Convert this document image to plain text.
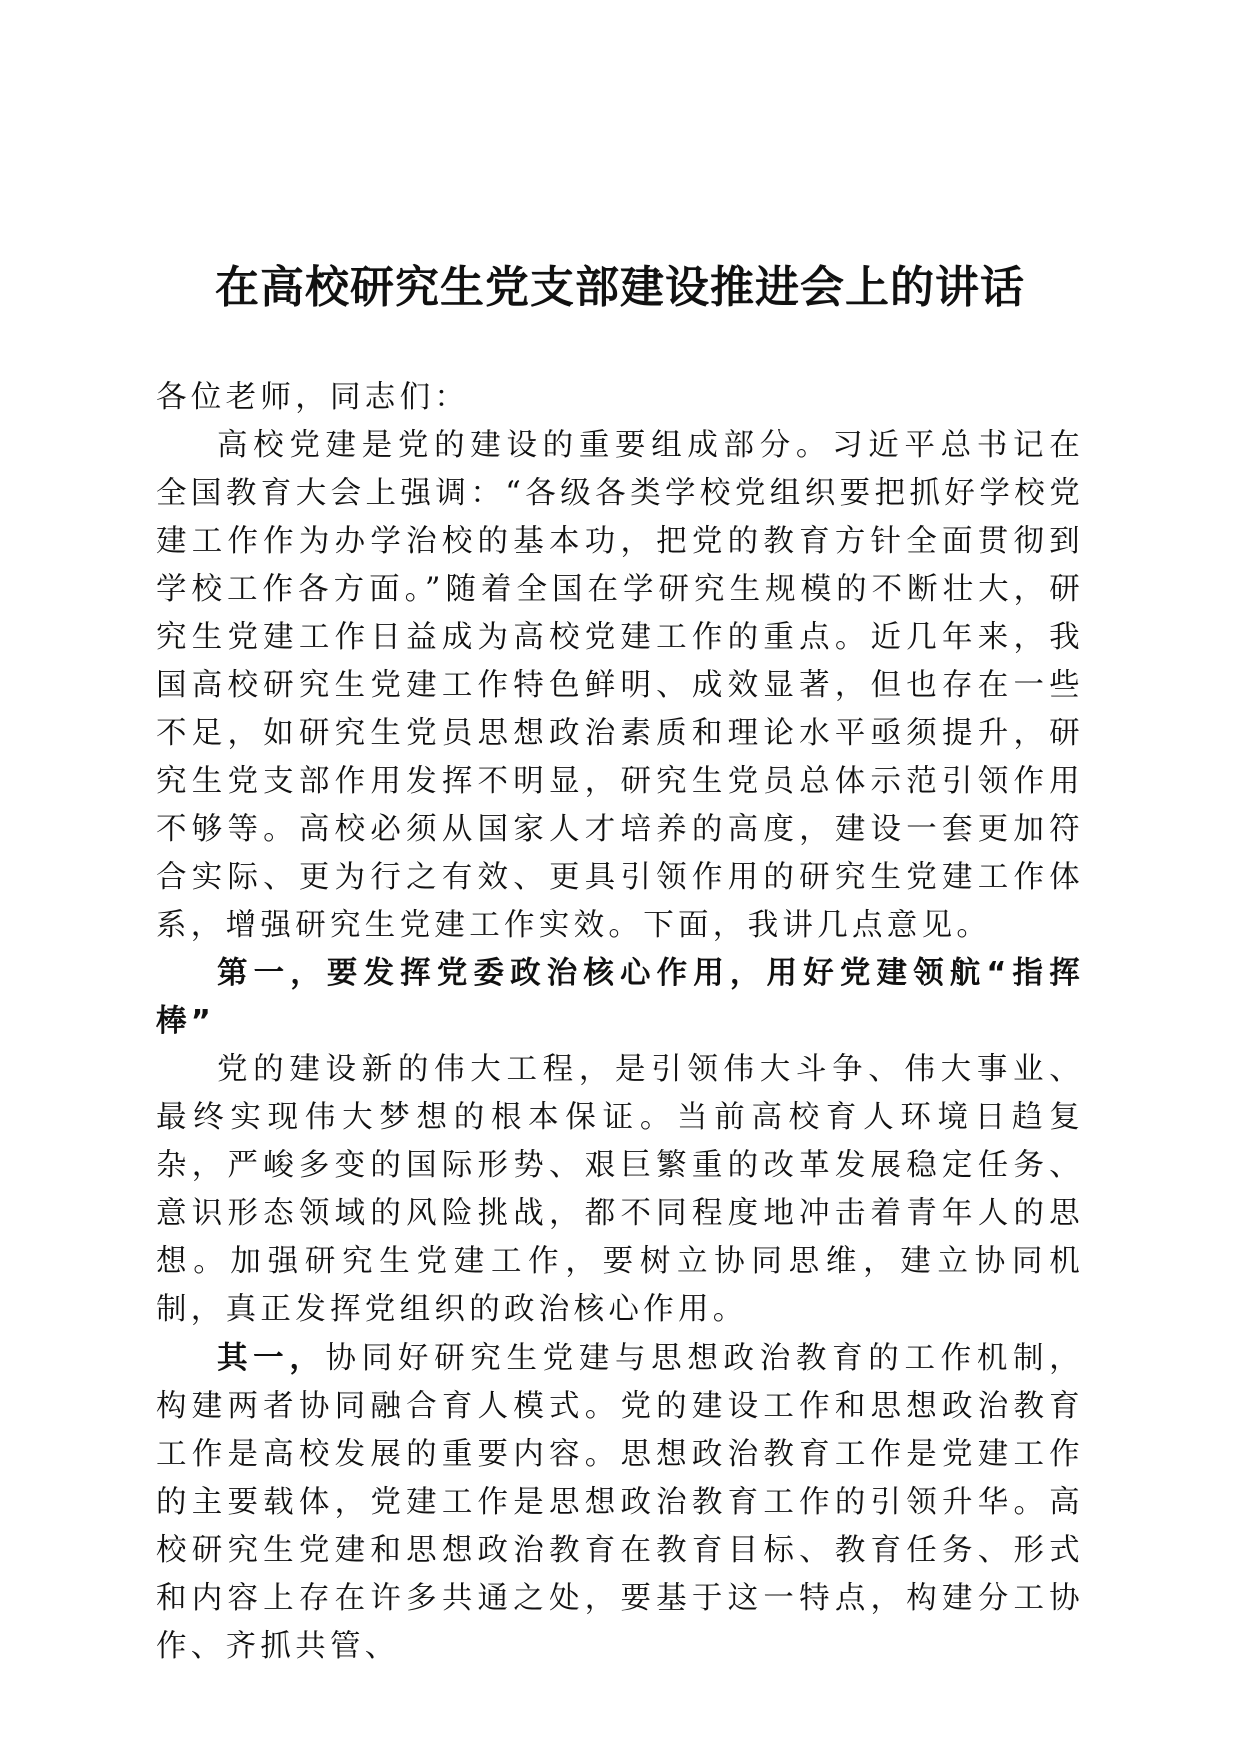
在高校研究生党支部建设推进会上的讲话

各位老师，同志们：

高校党建是党的建设的重要组成部分。习近平总书记在全国教育大会上强调：“各级各类学校党组织要把抓好学校党建工作作为办学治校的基本功，把党的教育方针全面贯彻到学校工作各方面。”随着全国在学研究生规模的不断壮大，研究生党建工作日益成为高校党建工作的重点。近几年来，我国高校研究生党建工作特色鲜明、成效显著，但也存在一些不足，如研究生党员思想政治素质和理论水平亟须提升，研究生党支部作用发挥不明显，研究生党员总体示范引领作用不够等。高校必须从国家人才培养的高度，建设一套更加符合实际、更为行之有效、更具引领作用的研究生党建工作体系，增强研究生党建工作实效。下面，我讲几点意见。

第一，要发挥党委政治核心作用，用好党建领航“指挥棒”

党的建设新的伟大工程，是引领伟大斗争、伟大事业、最终实现伟大梦想的根本保证。当前高校育人环境日趋复杂，严峻多变的国际形势、艰巨繁重的改革发展稳定任务、意识形态领域的风险挑战，都不同程度地冲击着青年人的思想。加强研究生党建工作，要树立协同思维，建立协同机制，真正发挥党组织的政治核心作用。

其一，协同好研究生党建与思想政治教育的工作机制，构建两者协同融合育人模式。党的建设工作和思想政治教育工作是高校发展的重要内容。思想政治教育工作是党建工作的主要载体，党建工作是思想政治教育工作的引领升华。高校研究生党建和思想政治教育在教育目标、教育任务、形式和内容上存在许多共通之处，要基于这一特点，构建分工协作、齐抓共管、
